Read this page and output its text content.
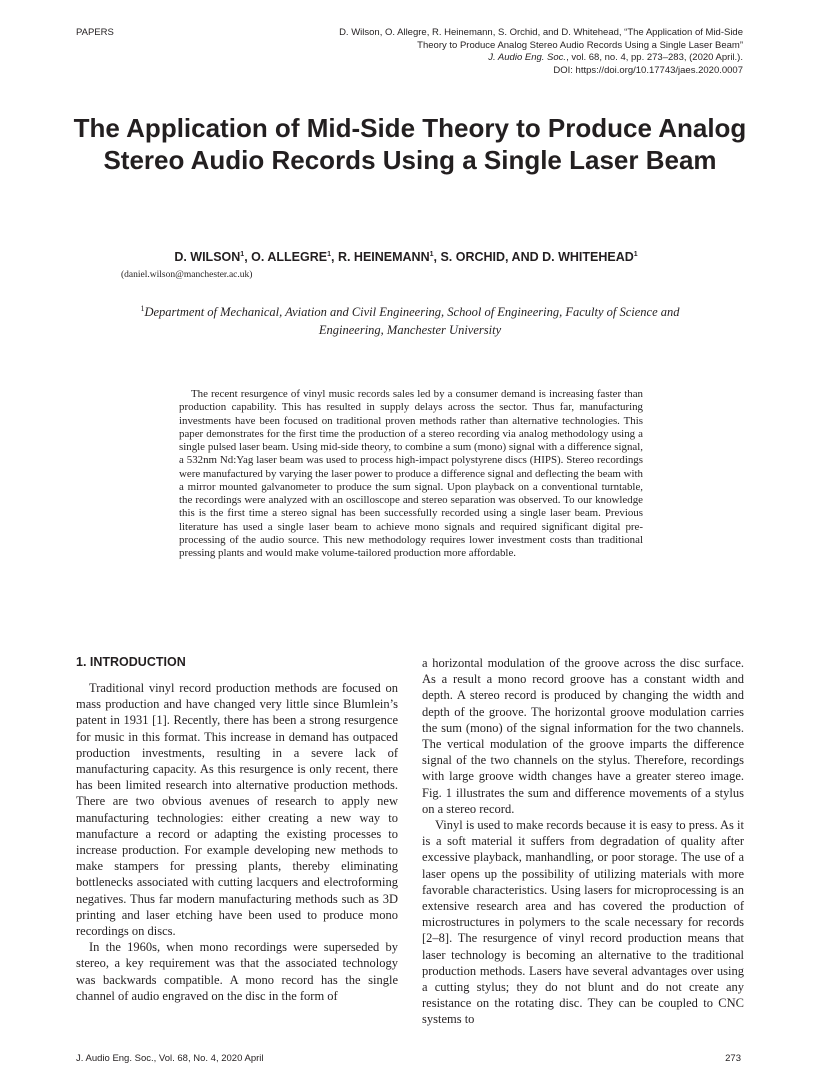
PAPERS	D. Wilson, O. Allegre, R. Heinemann, S. Orchid, and D. Whitehead, “The Application of Mid-Side
Theory to Produce Analog Stereo Audio Records Using a Single Laser Beam”
J. Audio Eng. Soc., vol. 68, no. 4, pp. 273–283, (2020 April.).
DOI: https://doi.org/10.17743/jaes.2020.0007
The Application of Mid-Side Theory to Produce Analog Stereo Audio Records Using a Single Laser Beam
D. WILSON$^1$, O. ALLEGRE$^1$, R. HEINEMANN$^1$, S. ORCHID, AND D. WHITEHEAD$^1$
(daniel.wilson@manchester.ac.uk)
$^1$Department of Mechanical, Aviation and Civil Engineering, School of Engineering, Faculty of Science and Engineering, Manchester University
The recent resurgence of vinyl music records sales led by a consumer demand is increasing faster than production capability. This has resulted in supply delays across the sector. Thus far, manufacturing investments have been focused on traditional proven methods rather than alternative technologies. This paper demonstrates for the first time the production of a stereo recording via analog methodology using a single pulsed laser beam. Using mid-side theory, to combine a sum (mono) signal with a difference signal, a 532nm Nd:Yag laser beam was used to process high-impact polystyrene discs (HIPS). Stereo recordings were manufactured by varying the laser power to produce a difference signal and deflecting the beam with a mirror mounted galvanometer to produce the sum signal. Upon playback on a conventional turntable, the recordings were analyzed with an oscilloscope and stereo separation was observed. To our knowledge this is the first time a stereo signal has been successfully recorded using a single laser beam. Previous literature has used a single laser beam to achieve mono signals and required significant digital pre-processing of the audio source. This new methodology requires lower investment costs than traditional pressing plants and would make volume-tailored production more affordable.
1. INTRODUCTION

Traditional vinyl record production methods are focused on mass production and have changed very little since Blumlein’s patent in 1931 [1]. Recently, there has been a strong resurgence for music in this format. This increase in demand has outpaced production investments, resulting in a severe lack of manufacturing capacity. As this resurgence is only recent, there has been limited research into alternative production methods. There are two obvious avenues of research to apply new manufacturing technologies: either creating a new way to manufacture a record or adapting the existing processes to increase production. For example developing new methods to make stampers for pressing plants, thereby eliminating bottlenecks associated with cutting lacquers and electroforming negatives. Thus far modern manufacturing methods such as 3D printing and laser etching have been used to produce mono recordings on discs.

In the 1960s, when mono recordings were superseded by stereo, a key requirement was that the associated technology was backwards compatible. A mono record has the single channel of audio engraved on the disc in the form of

a horizontal modulation of the groove across the disc surface. As a result a mono record groove has a constant width and depth. A stereo record is produced by changing the width and depth of the groove. The horizontal groove modulation carries the sum (mono) of the signal information for the two channels. The vertical modulation of the groove imparts the difference signal of the two channels on the stylus. Therefore, recordings with large groove width changes have a greater stereo image. Fig. 1 illustrates the sum and difference movements of a stylus on a stereo record.

Vinyl is used to make records because it is easy to press. As it is a soft material it suffers from degradation of quality after excessive playback, manhandling, or poor storage. The use of a laser opens up the possibility of utilizing materials with more favorable characteristics. Using lasers for microprocessing is an extensive research area and has covered the production of microstructures in polymers to the scale necessary for records [2–8]. The resurgence of vinyl record production means that laser technology is becoming an alternative to the traditional production methods. Lasers have several advantages over using a cutting stylus; they do not blunt and do not create any resistance on the rotating disc. They can be coupled to CNC systems to

J. Audio Eng. Soc., Vol. 68, No. 4, 2020 April	273
